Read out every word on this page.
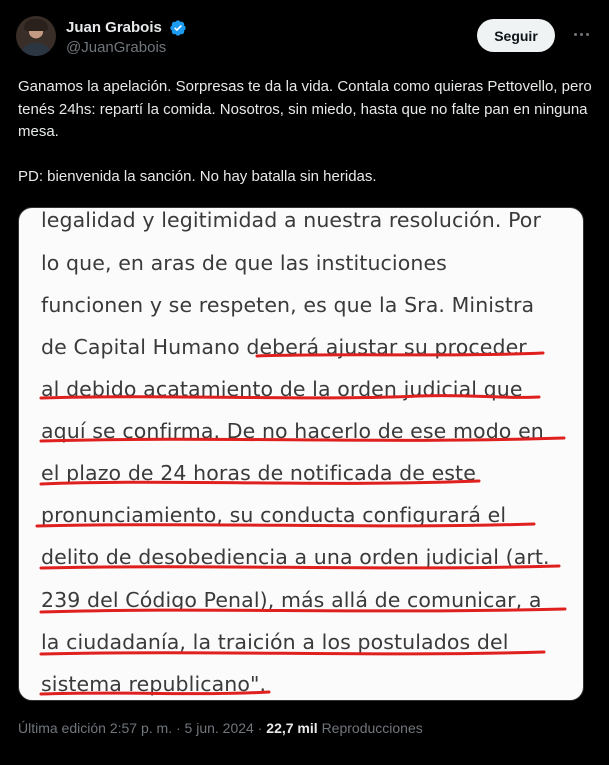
Juan Grabois
@JuanGrabois
Seguir

Ganamos la apelación. Sorpresas te da la vida. Contala como quieras Pettovello, pero tenés 24hs: repartí la comida. Nosotros, sin miedo, hasta que no falte pan en ninguna mesa.

PD: bienvenida la sanción. No hay batalla sin heridas.

legalidad y legitimidad a nuestra resolución. Por
lo que, en aras de que las instituciones
funcionen y se respeten, es que la Sra. Ministra
de Capital Humano deberá ajustar su proceder
al debido acatamiento de la orden judicial que
aquí se confirma. De no hacerlo de ese modo en
el plazo de 24 horas de notificada de este
pronunciamiento, su conducta configurará el
delito de desobediencia a una orden judicial (art.
239 del Código Penal), más allá de comunicar, a
la ciudadanía, la traición a los postulados del
sistema republicano".
Última edición 2:57 p. m. · 5 jun. 2024 · 22,7 mil Reproducciones
